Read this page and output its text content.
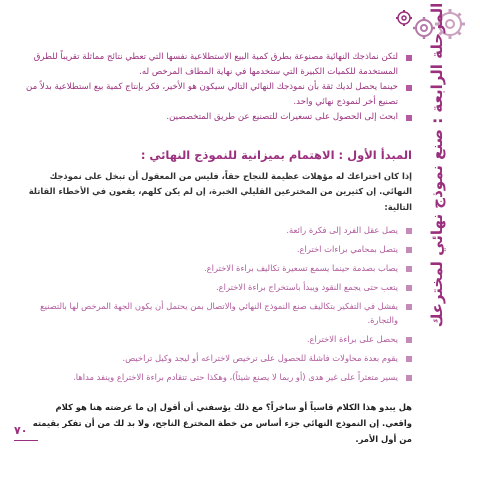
المرحلة الرابعة : صنع نموذج نهائي لمخترعك
لتكن نماذجك النهائية مصنوعة بطرق كمية البيع الاستطلاعية نفسها التي تعطي نتائج مماثلة تقريباً للطرق المستخدمة للكميات الكبيرة التي ستخدمها في نهاية المطاف المرخص له.
حينما يحصل لديك ثقة بأن نموذجك النهائي التالي سيكون هو الأخير، فكر بإنتاج كمية بيع استطلاعية بدلاً من تصنيع أخر لنموذج نهائي واحد.
ابحث إلى الحصول على تسعيرات للتصنيع عن طريق المتخصصين.
المبدأ الأول : الاهتمام بميزانية للنموذج النهائي :
إذا كان اختراعك له مؤهلات عظيمة للنجاح حقاً، فليس من المعقول أن تبخل على نموذجك النهائي. إن كثيرين من المخترعين القليلي الخبرة، إن لم يكن كلهم، يقعون في الأخطاء القاتلة التالية:
يصل عقل الفرد إلى فكرة رائعة.
يتصل بمحامي براءات اختراع.
يصاب بصدمة حينما يسمع تسعيرة تكاليف براءة الاختراع.
يتعب حتى يجمع النقود ويبدأ باستخراج براءة الاختراع.
يفشل في التفكير بتكاليف صنع النموذج النهائي والاتصال بمن يحتمل أن يكون الجهة المرخص لها بالتصنيع والتجارة.
يحصل على براءة الاختراع.
يقوم بعدة محاولات فاشلة للحصول على ترخيص لاختراعه أو ليجد وكيل تراخيص.
يسير متعثراً على غير هدى (أو ربما لا يصنع شيئاً)، وهكذا حتى تتقادم براءة الاختراع وينفد مداها.
هل يبدو هذا الكلام قاسياً أو ساخراً؟ مع ذلك يؤسفني أن أقول إن ما عرضته هنا هو كلام واقعي. إن النموذج النهائي جزء أساس من خطة المخترع الناجح، ولا بد لك من أن تفكر بقيمته من أول الأمر.
٧٠
